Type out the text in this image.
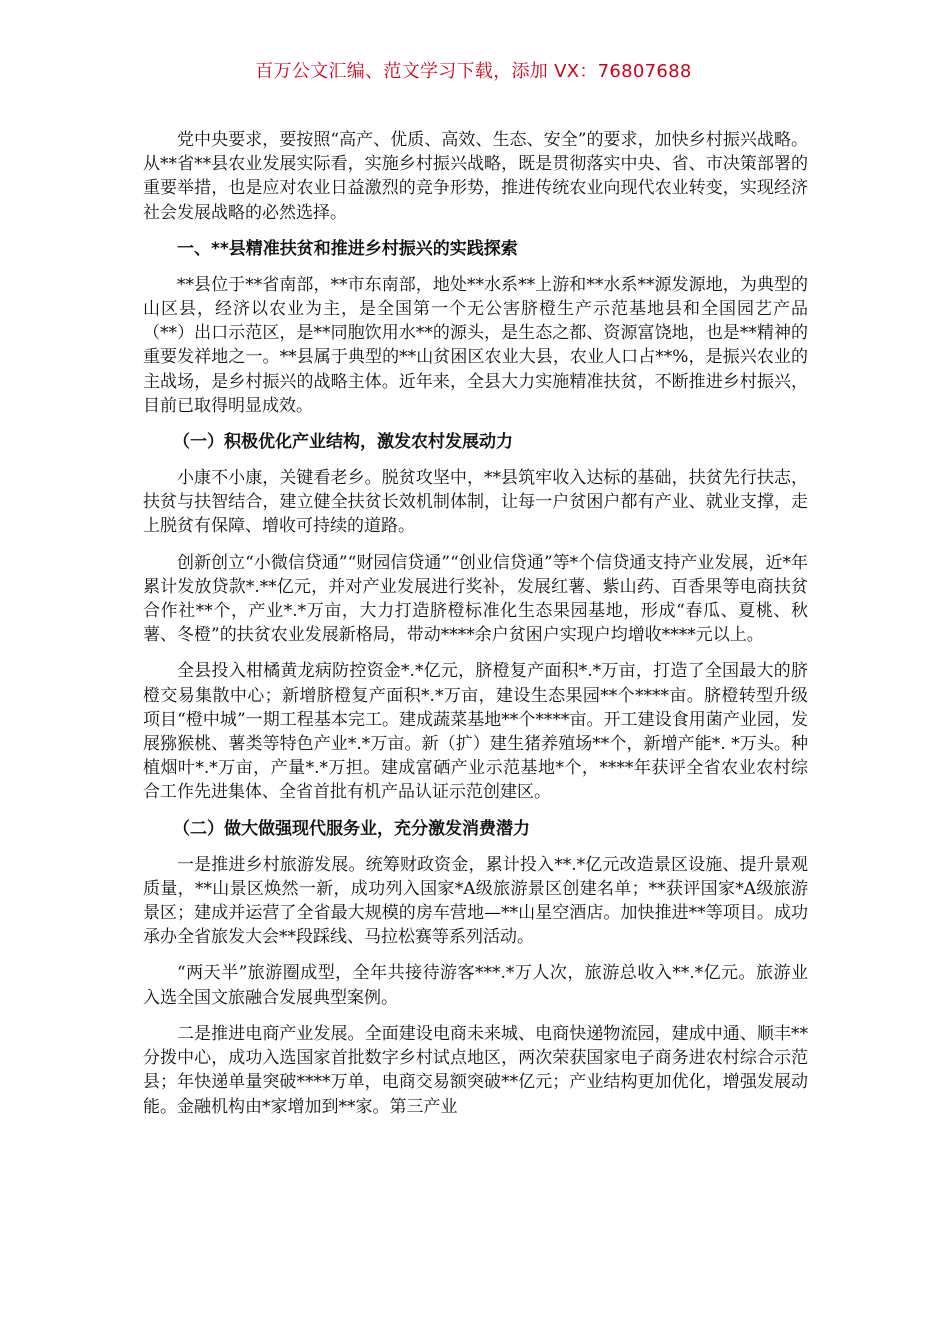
百万公文汇编、范文学习下载，添加 VX：76807688

党中央要求，要按照“高产、优质、高效、生态、安全”的要求，加快乡村振兴战略。从**省**县农业发展实际看，实施乡村振兴战略，既是贯彻落实中央、省、市决策部署的重要举措，也是应对农业日益激烈的竞争形势，推进传统农业向现代农业转变，实现经济社会发展战略的必然选择。

一、**县精准扶贫和推进乡村振兴的实践探索

**县位于**省南部，**市东南部，地处**水系**上游和**水系**源发源地，为典型的山区县，经济以农业为主，是全国第一个无公害脐橙生产示范基地县和全国园艺产品（**）出口示范区，是**同胞饮用水**的源头，是生态之都、资源富饶地，也是**精神的重要发祥地之一。**县属于典型的**山贫困区农业大县，农业人口占**%，是振兴农业的主战场，是乡村振兴的战略主体。近年来，全县大力实施精准扶贫，不断推进乡村振兴，目前已取得明显成效。

（一）积极优化产业结构，激发农村发展动力

小康不小康，关键看老乡。脱贫攻坚中，**县筑牢收入达标的基础，扶贫先行扶志，扶贫与扶智结合，建立健全扶贫长效机制体制，让每一户贫困户都有产业、就业支撑，走上脱贫有保障、增收可持续的道路。

创新创立“小微信贷通”“财园信贷通”“创业信贷通”等*个信贷通支持产业发展，近*年累计发放贷款*.**亿元，并对产业发展进行奖补，发展红薯、紫山药、百香果等电商扶贫合作社**个，产业*.*万亩，大力打造脐橙标准化生态果园基地，形成“春瓜、夏桃、秋薯、冬橙”的扶贫农业发展新格局，带动****余户贫困户实现户均增收****元以上。

全县投入柑橘黄龙病防控资金*.*亿元，脐橙复产面积*.*万亩，打造了全国最大的脐橙交易集散中心；新增脐橙复产面积*.*万亩，建设生态果园**个****亩。脐橙转型升级项目“橙中城”一期工程基本完工。建成蔬菜基地**个****亩。开工建设食用菌产业园，发展猕猴桃、薯类等特色产业*.*万亩。新（扩）建生猪养殖场**个，新增产能*. *万头。种植烟叶*.*万亩，产量*.*万担。建成富硒产业示范基地*个，****年获评全省农业农村综合工作先进集体、全省首批有机产品认证示范创建区。

（二）做大做强现代服务业，充分激发消费潜力

一是推进乡村旅游发展。统筹财政资金，累计投入**.*亿元改造景区设施、提升景观质量，**山景区焕然一新，成功列入国家*A级旅游景区创建名单；**获评国家*A级旅游景区；建成并运营了全省最大规模的房车营地—**山星空酒店。加快推进**等项目。成功承办全省旅发大会**段踩线、马拉松赛等系列活动。

“两天半”旅游圈成型，全年共接待游客***.*万人次，旅游总收入**.*亿元。旅游业入选全国文旅融合发展典型案例。

二是推进电商产业发展。全面建设电商未来城、电商快递物流园，建成中通、顺丰**分拨中心，成功入选国家首批数字乡村试点地区，两次荣获国家电子商务进农村综合示范县；年快递单量突破****万单，电商交易额突破**亿元；产业结构更加优化，增强发展动能。金融机构由*家增加到**家。第三产业
